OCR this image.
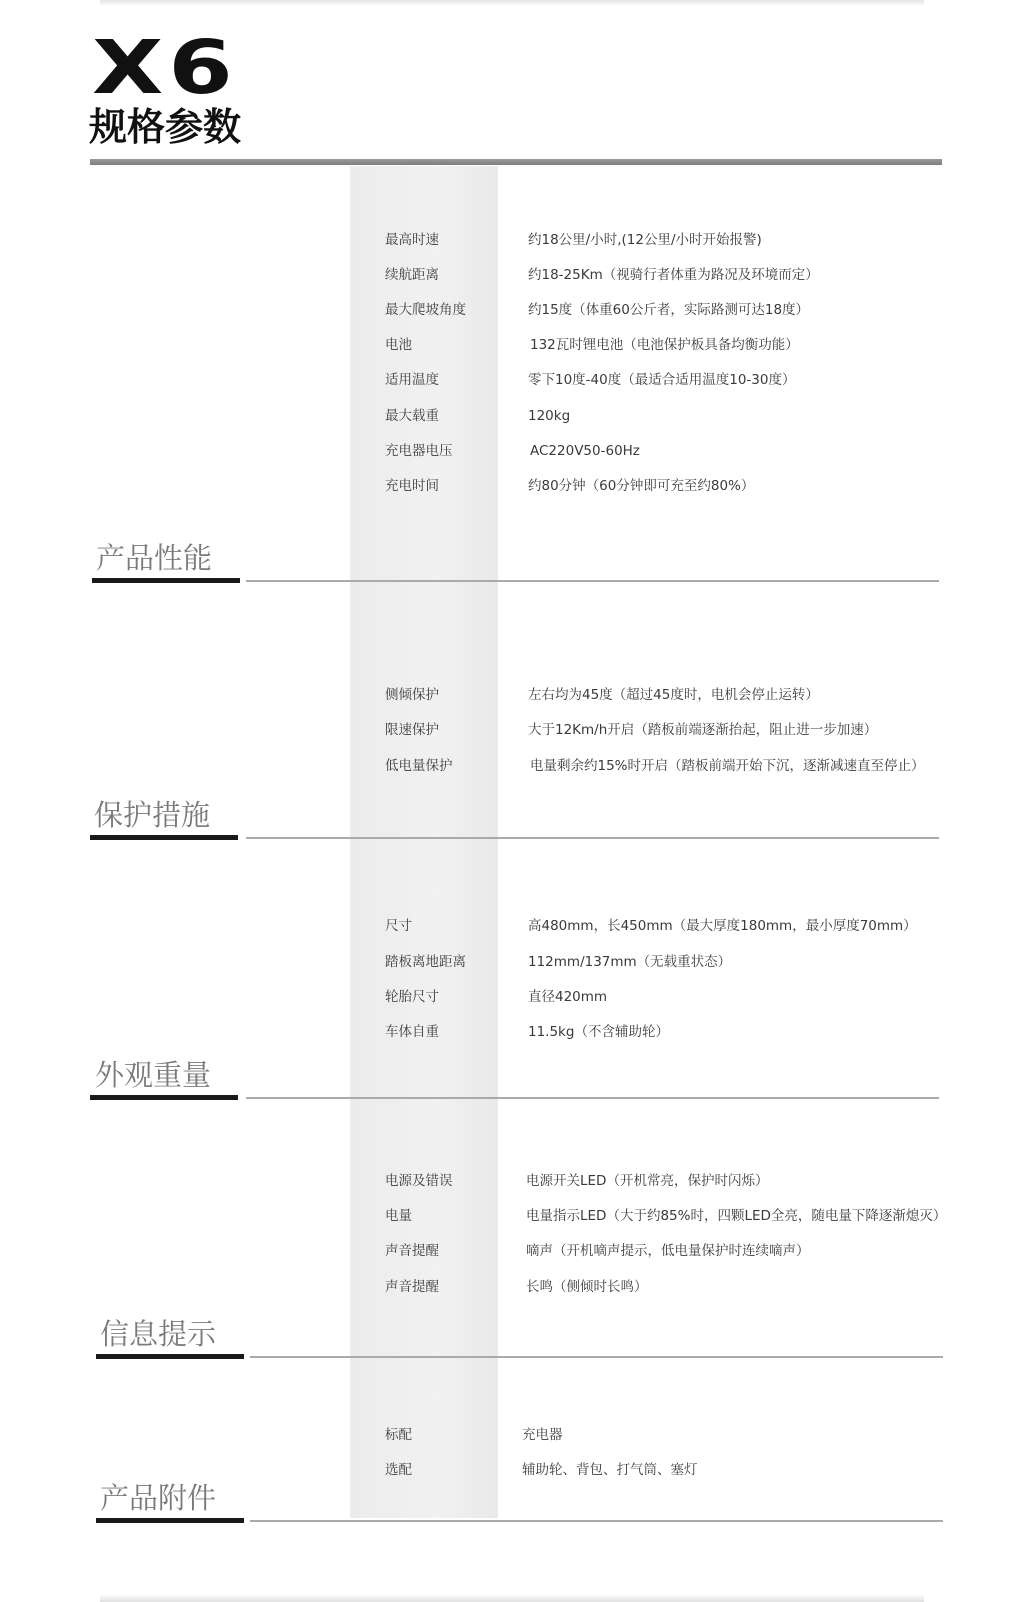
X6
规格参数
最高时速	约18公里/小时,(12公里/小时开始报警)
续航距离	约18-25Km（视骑行者体重为路况及环境而定）
最大爬坡角度	约15度（体重60公斤者，实际路测可达18度）
电池	132瓦时锂电池（电池保护板具备均衡功能）
适用温度	零下10度-40度（最适合适用温度10-30度）
最大载重	120kg
充电器电压	AC220V50-60Hz
充电时间	约80分钟（60分钟即可充至约80%）
产品性能
侧倾保护	左右均为45度（超过45度时，电机会停止运转）
限速保护	大于12Km/h开启（踏板前端逐渐抬起，阻止进一步加速）
低电量保护	电量剩余约15%时开启（踏板前端开始下沉，逐渐减速直至停止）
保护措施
尺寸	高480mm，长450mm（最大厚度180mm，最小厚度70mm）
踏板离地距离	112mm/137mm（无载重状态）
轮胎尺寸	直径420mm
车体自重	11.5kg（不含辅助轮）
外观重量
电源及错误	电源开关LED（开机常亮，保护时闪烁）
电量	电量指示LED（大于约85%时，四颗LED全亮，随电量下降逐渐熄灭）
声音提醒	嘀声（开机嘀声提示，低电量保护时连续嘀声）
声音提醒	长鸣（侧倾时长鸣）
信息提示
标配	充电器
选配	辅助轮、背包、打气筒、塞灯
产品附件
